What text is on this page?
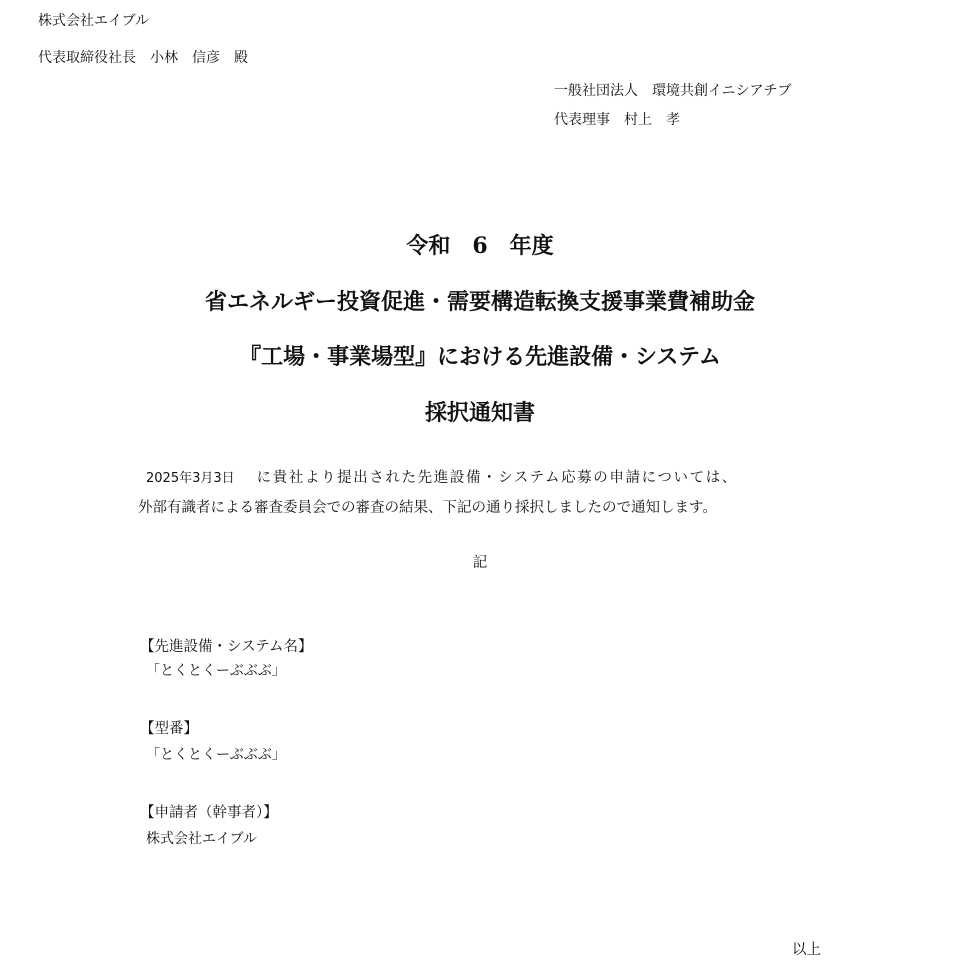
株式会社エイブル
代表取締役社長　小林　信彦　殿
一般社団法人　環境共創イニシアチブ
代表理事　村上　孝
令和　6　年度
省エネルギー投資促進・需要構造転換支援事業費補助金
『工場・事業場型』における先進設備・システム
採択通知書
2025年3月3日 に貴社より提出された先進設備・システム応募の申請については、
外部有識者による審査委員会での審査の結果、下記の通り採択しましたので通知します。
記
【先進設備・システム名】
「とくとくーぶぶぶ」
【型番】
「とくとくーぶぶぶ」
【申請者（幹事者）】
株式会社エイブル
以上
